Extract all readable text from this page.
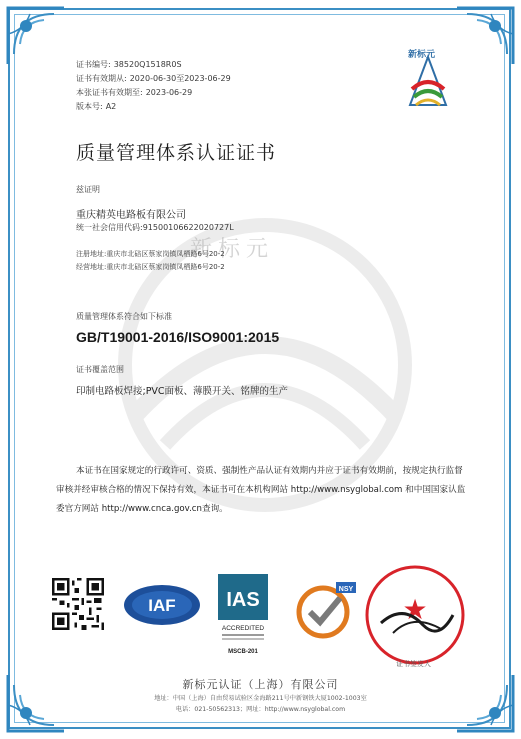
新标元
证书编号: 38520Q1518R0S
证书有效期从: 2020-06-30至2023-06-29
本张证书有效期至: 2023-06-29
版本号: A2
新标元
质量管理体系认证证书
兹证明
重庆精英电路板有限公司
统一社会信用代码:91500106622020727L
注册地址:重庆市北碚区蔡家岗镇凤栖路6号20-2
经营地址:重庆市北碚区蔡家岗镇凤栖路6号20-2
质量管理体系符合如下标准
GB/T19001-2016/ISO9001:2015
证书覆盖范围
印制电路板焊接;PVC面板、薄膜开关、铭牌的生产
本证书在国家规定的行政许可、资质、强制性产品认证有效期内并应于证书有效期前，按规定执行监督审核并经审核合格的情况下保持有效，本证书可在本机构网站 http://www.nsyglobal.com 和中国国家认监委官方网站 http://www.cnca.gov.cn查询。
IAF	IAS
ACCREDITED
MSCB-201
NSY
★
证书签发人
新标元认证（上海）有限公司
地址：中国（上海）自由贸易试验区金海路211号中新钢铁大厦1002-1003室
电话：021-50562313；网址：http://www.nsyglobal.com
